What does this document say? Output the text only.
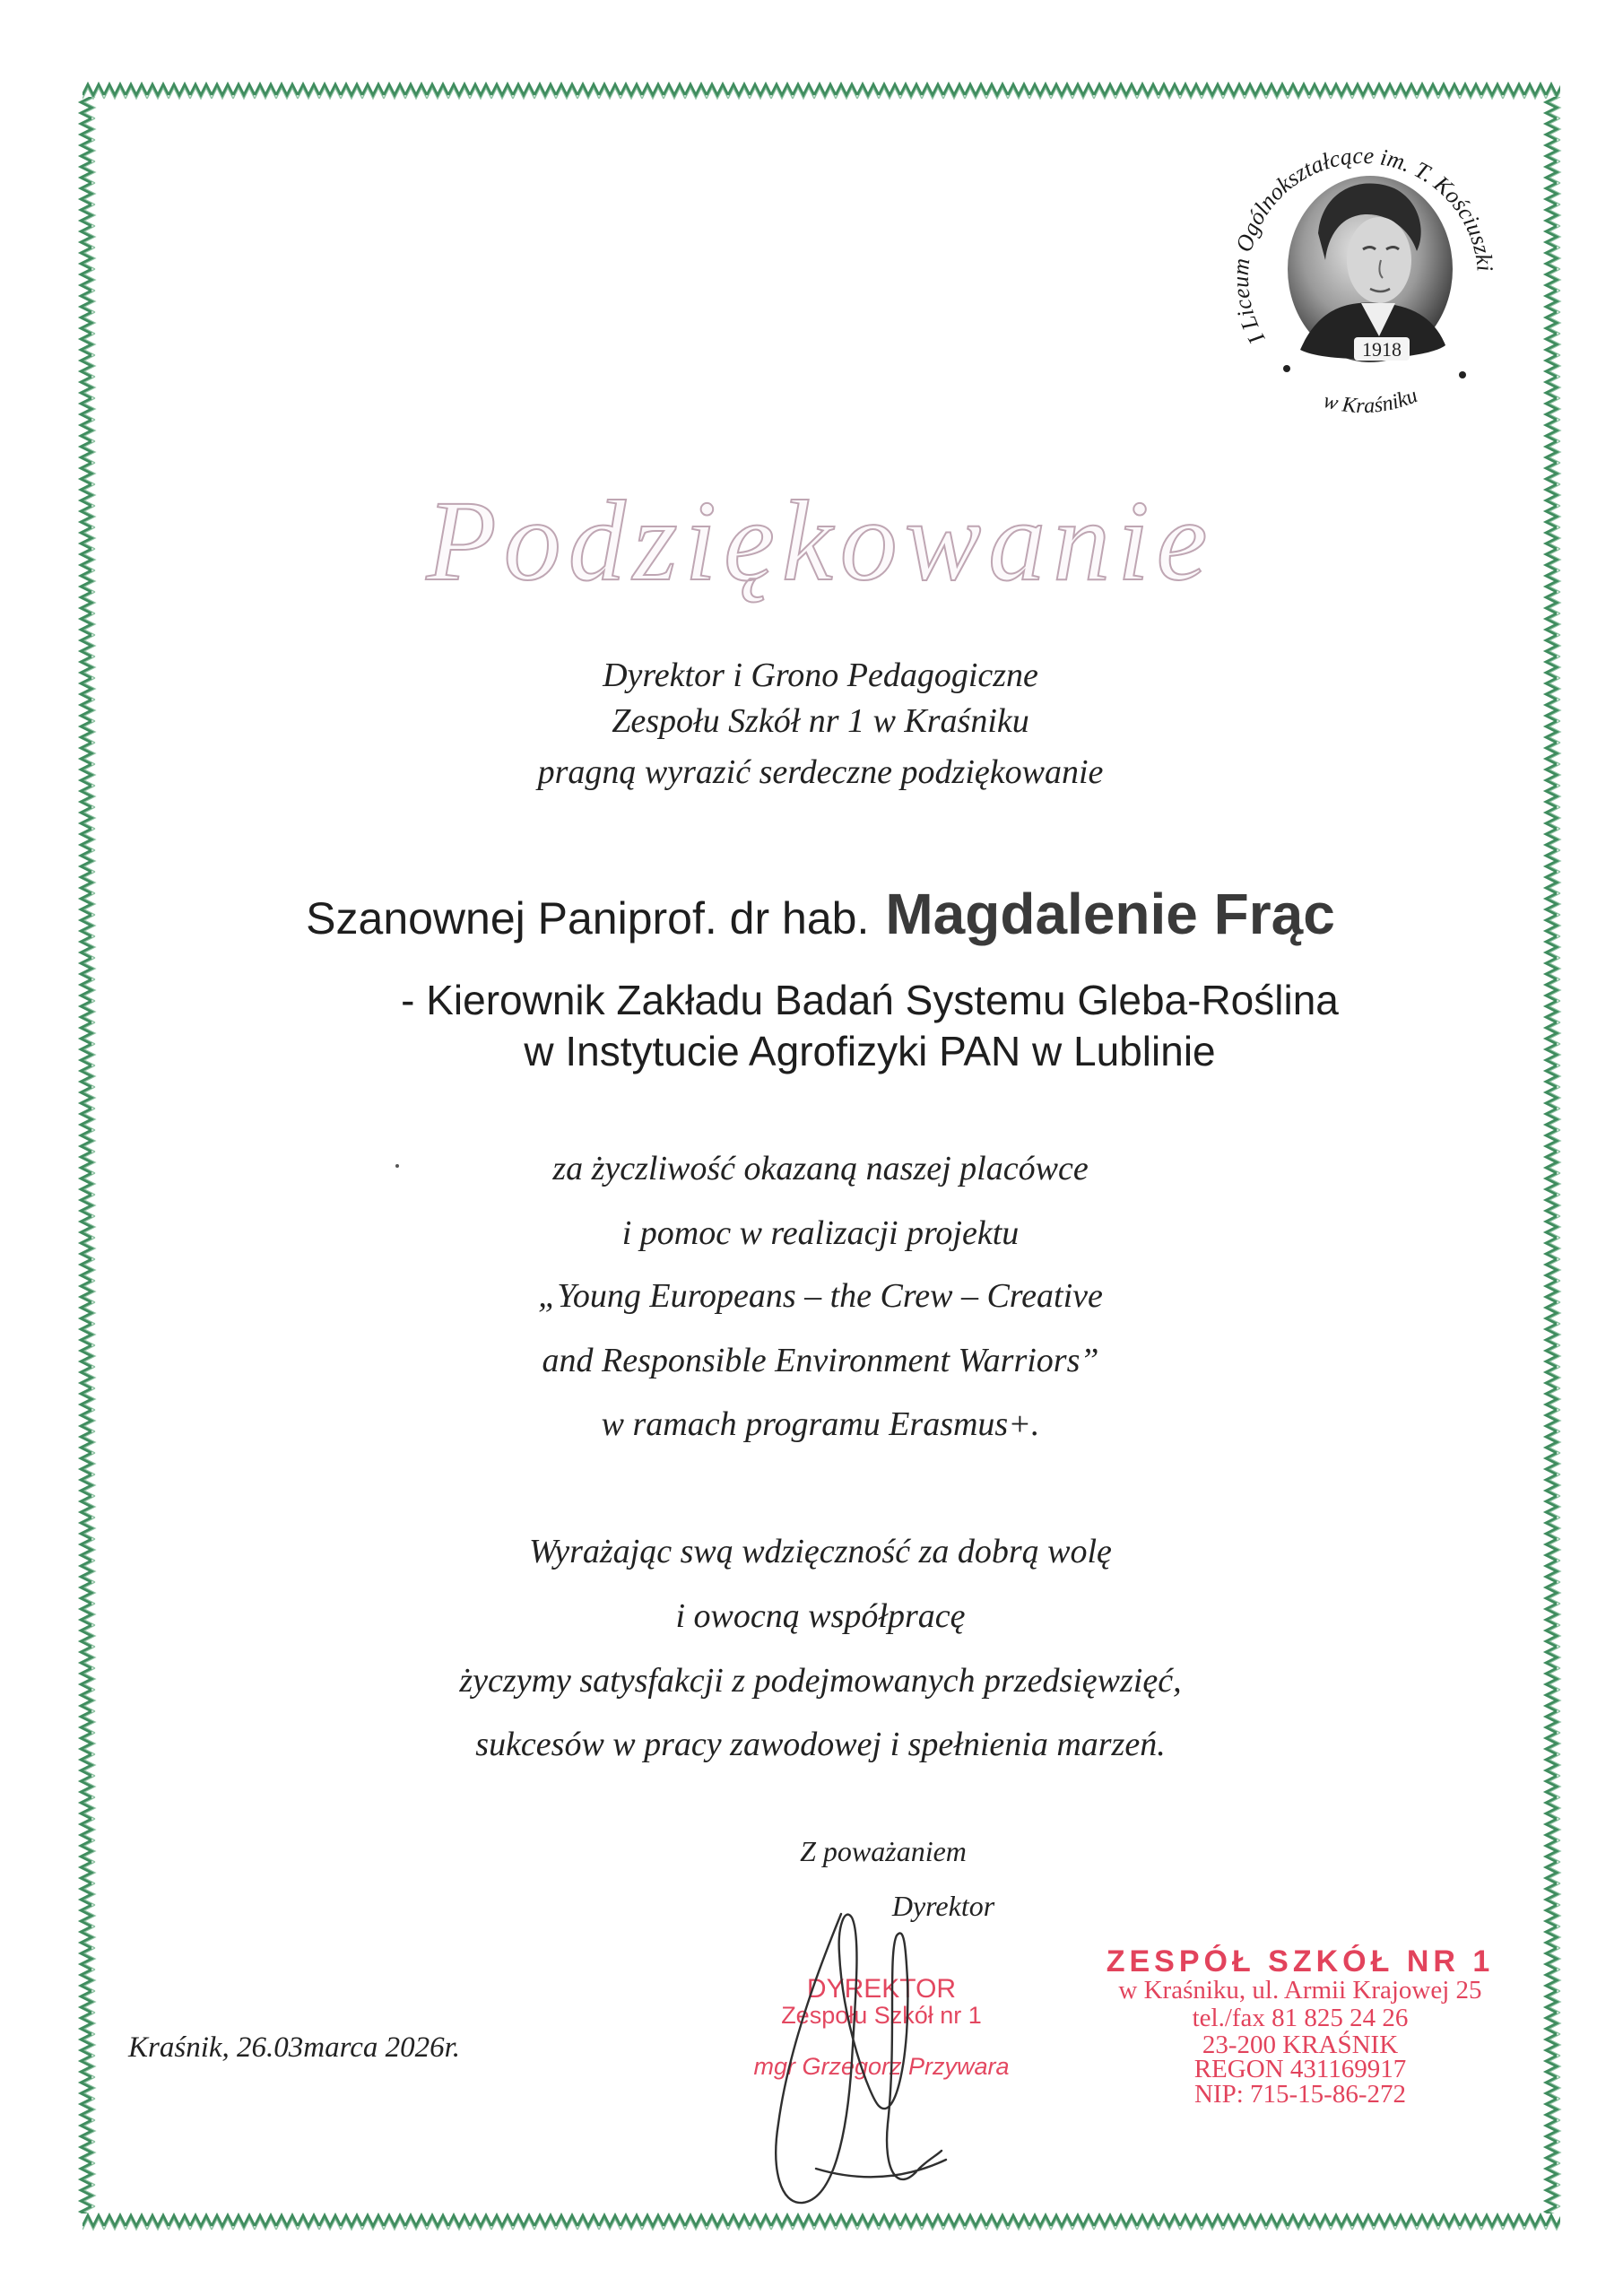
I Liceum Ogólnokształcące im. T. Kościuszki
w Kraśniku
1918
Podziękowanie
Dyrektor i Grono Pedagogiczne
Zespołu Szkół nr 1 w Kraśniku
pragną wyrazić serdeczne podziękowanie
Szanownej Paniprof. dr hab. Magdalenie Frąc
- Kierownik Zakładu Badań Systemu Gleba-Roślina
w Instytucie Agrofizyki PAN w Lublinie
za życzliwość okazaną naszej placówce
i pomoc w realizacji projektu
„Young Europeans – the Crew – Creative
and Responsible Environment Warriors”
w ramach programu Erasmus+.
Wyrażając swą wdzięczność za dobrą wolę
i owocną współpracę
życzymy satysfakcji z podejmowanych przedsięwzięć,
sukcesów w pracy zawodowej i spełnienia marzeń.
Z poważaniem
Dyrektor
DYREKTOR
Zespołu Szkół nr 1
mgr Grzegorz Przywara
ZESPÓŁ SZKÓŁ NR 1
w Kraśniku, ul. Armii Krajowej 25
tel./fax 81 825 24 26
23-200 KRAŚNIK
REGON 431169917
NIP: 715-15-86-272
Kraśnik, 26.03marca 2026r.
